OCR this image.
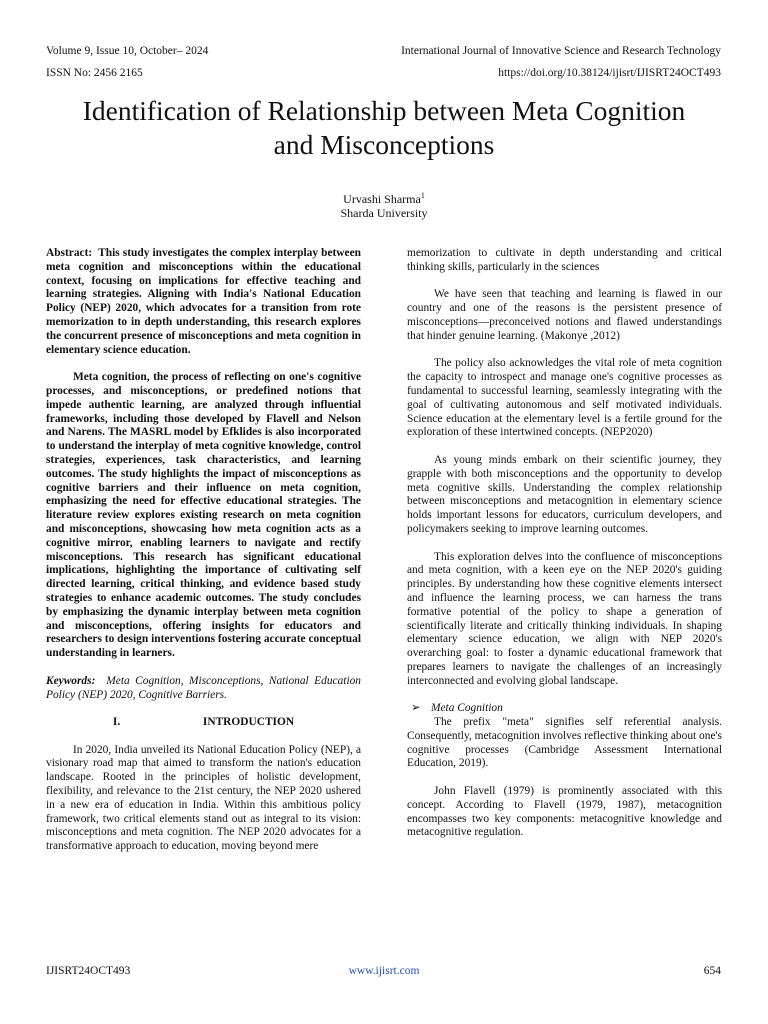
Volume 9, Issue 10, October– 2024
ISSN No: 2456 2165
International Journal of Innovative Science and Research Technology
https://doi.org/10.38124/ijisrt/IJISRT24OCT493
Identification of Relationship between Meta Cognition and Misconceptions
Urvashi Sharma$^1$
Sharda University

Abstract: This study investigates the complex interplay between meta cognition and misconceptions within the educational context, focusing on implications for effective teaching and learning strategies. Aligning with India's National Education Policy (NEP) 2020, which advocates for a transition from rote memorization to in depth understanding, this research explores the concurrent presence of misconceptions and meta cognition in elementary science education.

Meta cognition, the process of reflecting on one's cognitive processes, and misconceptions, or predefined notions that impede authentic learning, are analyzed through influential frameworks, including those developed by Flavell and Nelson and Narens. The MASRL model by Efklides is also incorporated to understand the interplay of meta cognitive knowledge, control strategies, experiences, task characteristics, and learning outcomes. The study highlights the impact of misconceptions as cognitive barriers and their influence on meta cognition, emphasizing the need for effective educational strategies. The literature review explores existing research on meta cognition and misconceptions, showcasing how meta cognition acts as a cognitive mirror, enabling learners to navigate and rectify misconceptions. This research has significant educational implications, highlighting the importance of cultivating self directed learning, critical thinking, and evidence based study strategies to enhance academic outcomes. The study concludes by emphasizing the dynamic interplay between meta cognition and misconceptions, offering insights for educators and researchers to design interventions fostering accurate conceptual understanding in learners.

Keywords: Meta Cognition, Misconceptions, National Education Policy (NEP) 2020, Cognitive Barriers.

I.	INTRODUCTION

In 2020, India unveiled its National Education Policy (NEP), a visionary road map that aimed to transform the nation's education landscape. Rooted in the principles of holistic development, flexibility, and relevance to the 21st century, the NEP 2020 ushered in a new era of education in India. Within this ambitious policy framework, two critical elements stand out as integral to its vision: misconceptions and meta cognition. The NEP 2020 advocates for a transformative approach to education, moving beyond mere

memorization to cultivate in depth understanding and critical thinking skills, particularly in the sciences

We have seen that teaching and learning is flawed in our country and one of the reasons is the persistent presence of misconceptions—preconceived notions and flawed understandings that hinder genuine learning. (Makonye ,2012)

The policy also acknowledges the vital role of meta cognition the capacity to introspect and manage one's cognitive processes as fundamental to successful learning, seamlessly integrating with the goal of cultivating autonomous and self motivated individuals. Science education at the elementary level is a fertile ground for the exploration of these intertwined concepts. (NEP2020)

As young minds embark on their scientific journey, they grapple with both misconceptions and the opportunity to develop meta cognitive skills. Understanding the complex relationship between misconceptions and metacognition in elementary science holds important lessons for educators, curriculum developers, and policymakers seeking to improve learning outcomes.

This exploration delves into the confluence of misconceptions and meta cognition, with a keen eye on the NEP 2020's guiding principles. By understanding how these cognitive elements intersect and influence the learning process, we can harness the trans formative potential of the policy to shape a generation of scientifically literate and critically thinking individuals. In shaping elementary science education, we align with NEP 2020's overarching goal: to foster a dynamic educational framework that prepares learners to navigate the challenges of an increasingly interconnected and evolving global landscape.

➢ Meta Cognition

The prefix "meta" signifies self referential analysis. Consequently, metacognition involves reflective thinking about one's cognitive processes (Cambridge Assessment International Education, 2019).

John Flavell (1979) is prominently associated with this concept. According to Flavell (1979, 1987), metacognition encompasses two key components: metacognitive knowledge and metacognitive regulation.

IJISRT24OCT493	www.ijisrt.com	654
